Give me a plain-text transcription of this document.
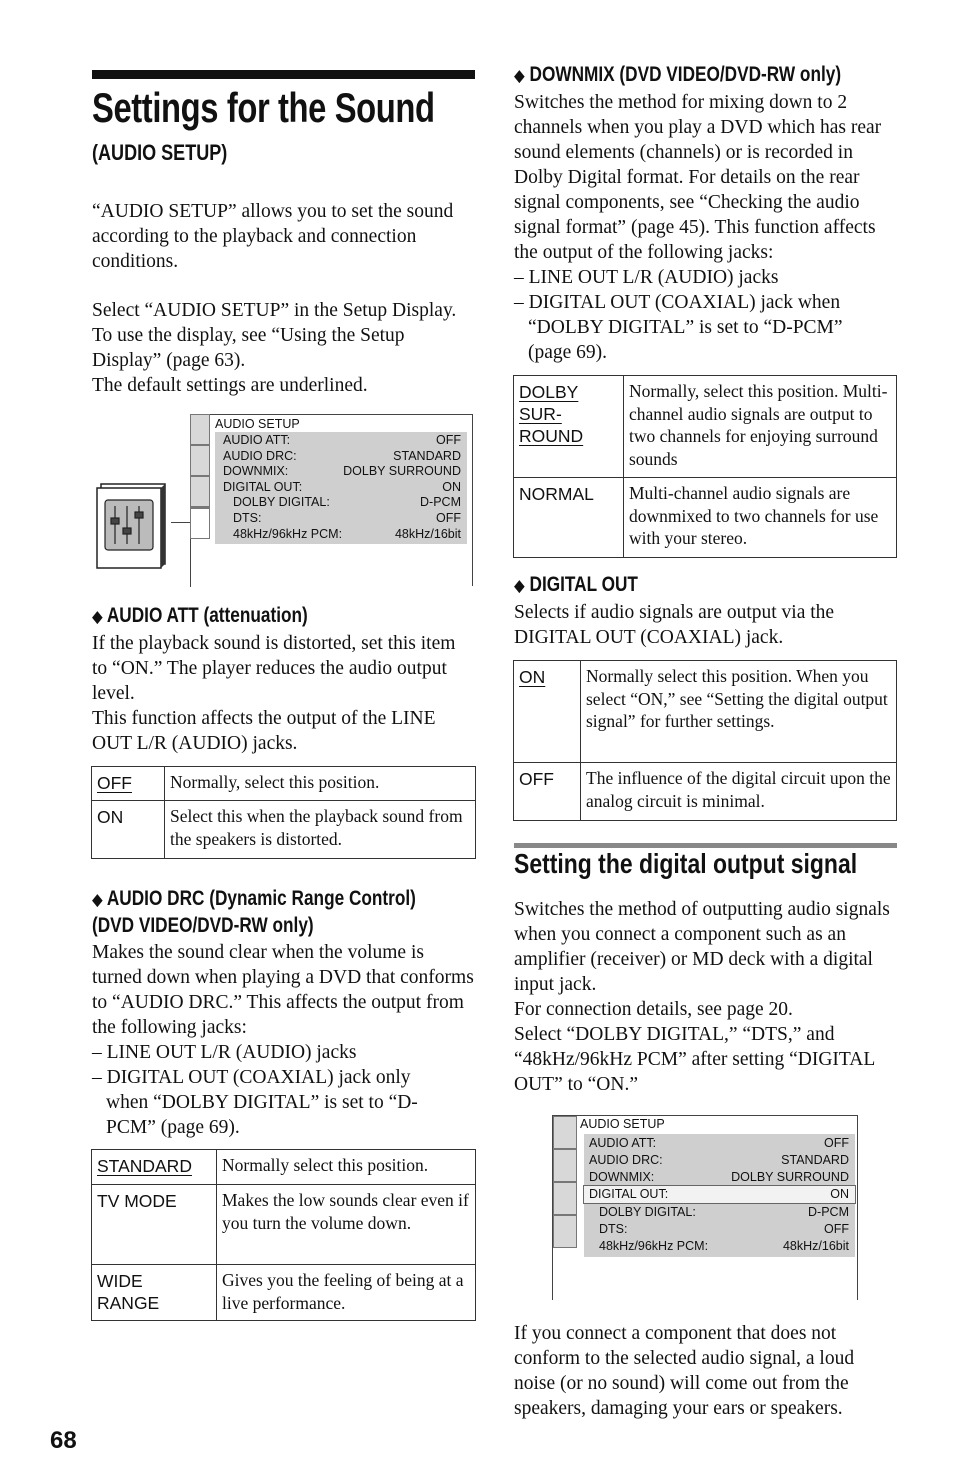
Settings for the Sound
(AUDIO SETUP)

“AUDIO SETUP” allows you to set the sound according to the playback and connection conditions.

Select “AUDIO SETUP” in the Setup Display. To use the display, see “Using the Setup Display” (page 63).

The default settings are underlined.

AUDIO SETUP
AUDIO ATT:	OFF
AUDIO DRC:	STANDARD
DOWNMIX:	DOLBY SURROUND
DIGITAL OUT:	ON
DOLBY DIGITAL:	D-PCM
DTS:	OFF
48kHz/96kHz PCM:	48kHz/16bit
◆ AUDIO ATT (attenuation)

If the playback sound is distorted, set this item to “ON.” The player reduces the audio output level.

This function affects the output of the LINE OUT L/R (AUDIO) jacks.

OFF	Normally, select this position.
ON	Select this when the playback sound from the speakers is distorted.
◆ AUDIO DRC (Dynamic Range Control)
(DVD VIDEO/DVD-RW only)

Makes the sound clear when the volume is turned down when playing a DVD that conforms to “AUDIO DRC.” This affects the output from the following jacks:

– LINE OUT L/R (AUDIO) jacks

– DIGITAL OUT (COAXIAL) jack only when “DOLBY DIGITAL” is set to “D-PCM” (page 69).

STANDARD	Normally select this position.
TV MODE	Makes the low sounds clear even if you turn the volume down.
WIDE RANGE	Gives you the feeling of being at a live performance.
68
◆ DOWNMIX (DVD VIDEO/DVD-RW only)

Switches the method for mixing down to 2 channels when you play a DVD which has rear sound elements (channels) or is recorded in Dolby Digital format. For details on the rear signal components, see “Checking the audio signal format” (page 45). This function affects the output of the following jacks:

– LINE OUT L/R (AUDIO) jacks

– DIGITAL OUT (COAXIAL) jack when “DOLBY DIGITAL” is set to “D-PCM” (page 69).

DOLBY SUR-ROUND	Normally, select this position. Multi-channel audio signals are output to two channels for enjoying surround sounds
NORMAL	Multi-channel audio signals are downmixed to two channels for use with your stereo.
◆ DIGITAL OUT

Selects if audio signals are output via the DIGITAL OUT (COAXIAL) jack.

ON	Normally select this position. When you select “ON,” see “Setting the digital output signal” for further settings.
OFF	The influence of the digital circuit upon the analog circuit is minimal.
Setting the digital output signal

Switches the method of outputting audio signals when you connect a component such as an amplifier (receiver) or MD deck with a digital input jack.

For connection details, see page 20.

Select “DOLBY DIGITAL,” “DTS,” and “48kHz/96kHz PCM” after setting “DIGITAL OUT” to “ON.”

AUDIO SETUP
AUDIO ATT:	OFF
AUDIO DRC:	STANDARD
DOWNMIX:	DOLBY SURROUND
DIGITAL OUT:	ON
DOLBY DIGITAL:	D-PCM
DTS:	OFF
48kHz/96kHz PCM:	48kHz/16bit

If you connect a component that does not conform to the selected audio signal, a loud noise (or no sound) will come out from the speakers, damaging your ears or speakers.
